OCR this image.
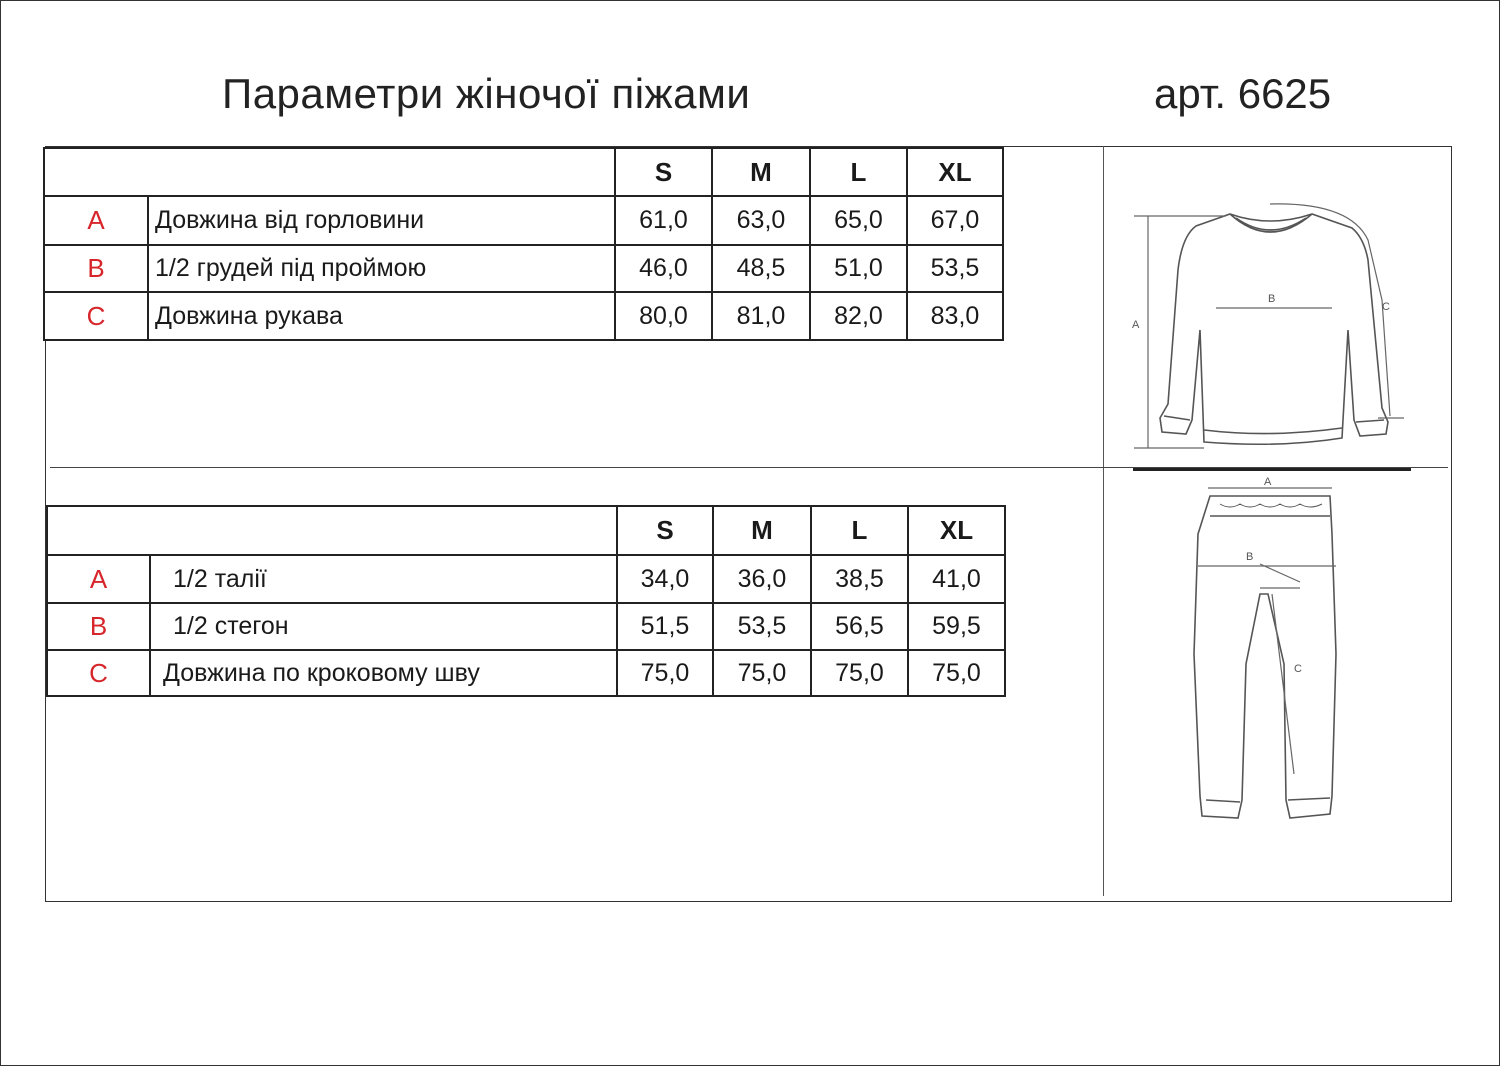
Параметри жіночої піжами	арт. 6625
		S	M	L	XL
A	Довжина від горловини	61,0	63,0	65,0	67,0
B	1/2 грудей під проймою	46,0	48,5	51,0	53,5
C	Довжина рукава	80,0	81,0	82,0	83,0
		S	M	L	XL
A	1/2 талії	34,0	36,0	38,5	41,0
B	1/2 стегон	51,5	53,5	56,5	59,5
C	Довжина по кроковому шву	75,0	75,0	75,0	75,0
A
B
C
A
B
C
